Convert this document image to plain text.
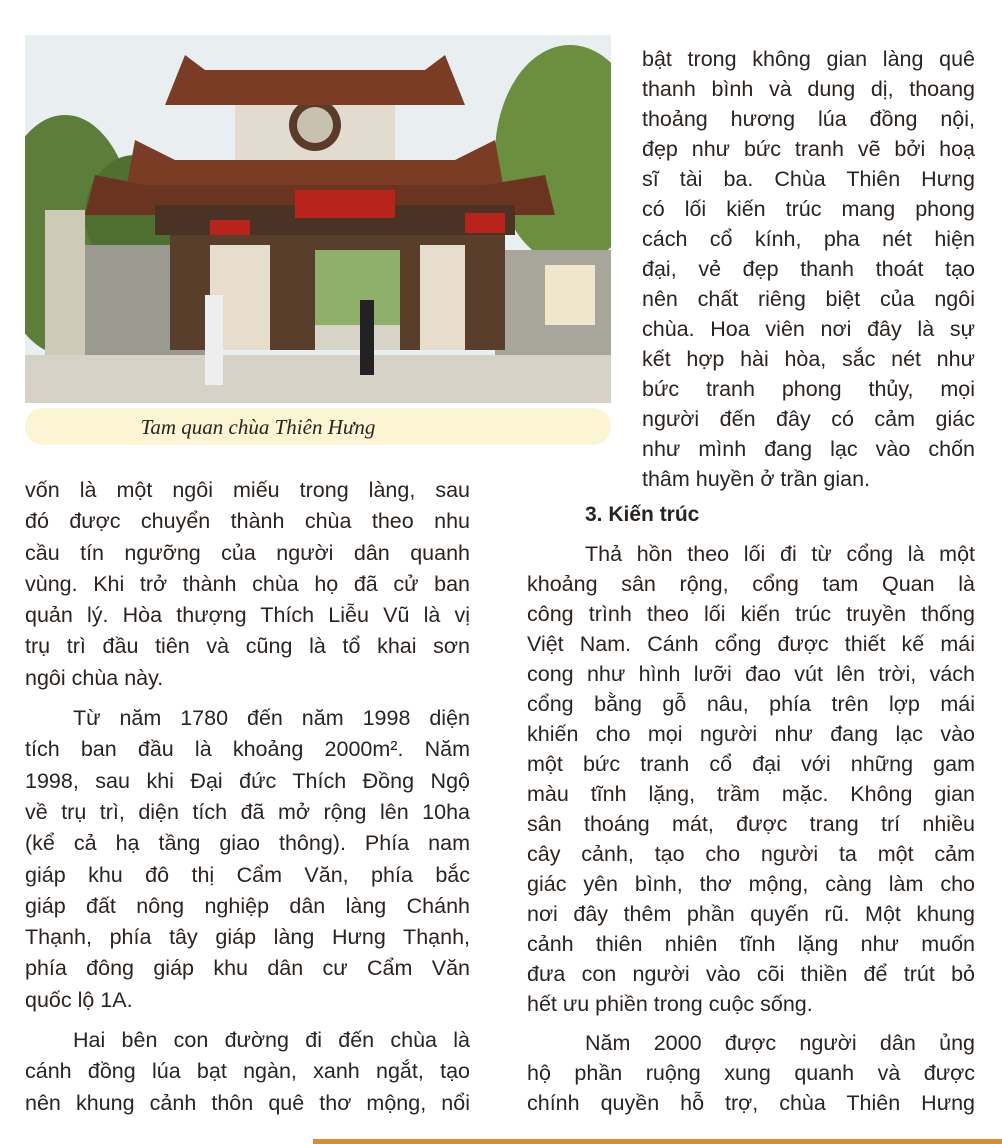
Tam quan chùa Thiên Hưng
bật trong không gian làng quê
thanh bình và dung dị, thoang
thoảng hương lúa đồng nội,
đẹp như bức tranh vẽ bởi hoạ
sĩ tài ba. Chùa Thiên Hưng
có lối kiến trúc mang phong
cách cổ kính, pha nét hiện
đại, vẻ đẹp thanh thoát tạo
nên chất riêng biệt của ngôi
chùa. Hoa viên nơi đây là sự
kết hợp hài hòa, sắc nét như
bức tranh phong thủy, mọi
người đến đây có cảm giác
như mình đang lạc vào chốn
thâm huyền ở trần gian.
3. Kiến trúc
vốn là một ngôi miếu trong làng, sau
đó được chuyển thành chùa theo nhu
cầu tín ngưỡng của người dân quanh
vùng. Khi trở thành chùa họ đã cử ban
quản lý. Hòa thượng Thích Liễu Vũ là vị
trụ trì đầu tiên và cũng là tổ khai sơn
ngôi chùa này.
Từ năm 1780 đến năm 1998 diện
tích ban đầu là khoảng 2000m². Năm
1998, sau khi Đại đức Thích Đồng Ngộ
về trụ trì, diện tích đã mở rộng lên 10ha
(kể cả hạ tầng giao thông). Phía nam
giáp khu đô thị Cẩm Văn, phía bắc
giáp đất nông nghiệp dân làng Chánh
Thạnh, phía tây giáp làng Hưng Thạnh,
phía đông giáp khu dân cư Cẩm Văn
quốc lộ 1A.
Hai bên con đường đi đến chùa là
cánh đồng lúa bạt ngàn, xanh ngắt, tạo
nên khung cảnh thôn quê thơ mộng, nổi
Thả hồn theo lối đi từ cổng là một
khoảng sân rộng, cổng tam Quan là
công trình theo lối kiến trúc truyền thống
Việt Nam. Cánh cổng được thiết kế mái
cong như hình lưỡi đao vút lên trời, vách
cổng bằng gỗ nâu, phía trên lợp mái
khiến cho mọi người như đang lạc vào
một bức tranh cổ đại với những gam
màu tĩnh lặng, trầm mặc. Không gian
sân thoáng mát, được trang trí nhiều
cây cảnh, tạo cho người ta một cảm
giác yên bình, thơ mộng, càng làm cho
nơi đây thêm phần quyến rũ. Một khung
cảnh thiên nhiên tĩnh lặng như muốn
đưa con người vào cõi thiền để trút bỏ
hết ưu phiền trong cuộc sống.
Năm 2000 được người dân ủng
hộ phần ruộng xung quanh và được
chính quyền hỗ trợ, chùa Thiên Hưng
